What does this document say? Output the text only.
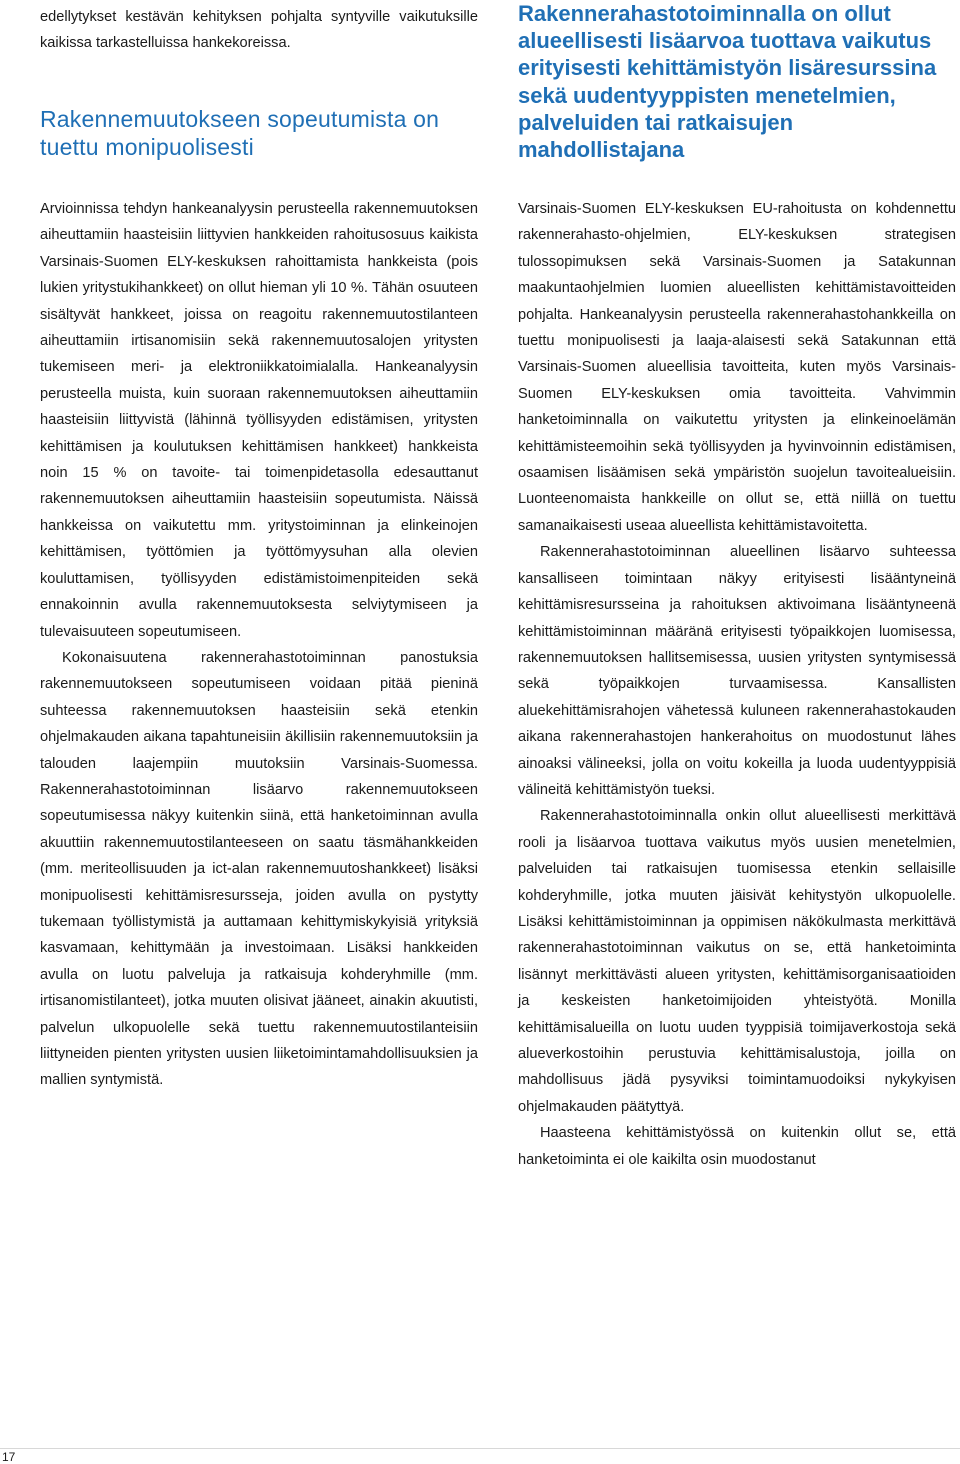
edellytykset kestävän kehityksen pohjalta syntyville vaikutuksille kaikissa tarkastelluissa hankekoreissa.

Rakennemuutokseen sopeutumista on tuettu monipuolisesti

Arvioinnissa tehdyn hankeanalyysin perusteella rakennemuutoksen aiheuttamiin haasteisiin liittyvien hankkeiden rahoitusosuus kaikista Varsinais-Suomen ELY-keskuksen rahoittamista hankkeista (pois lukien yritystukihankkeet) on ollut hieman yli 10 %. Tähän osuuteen sisältyvät hankkeet, joissa on reagoitu rakennemuutostilanteen aiheuttamiin irtisanomisiin sekä rakennemuutosalojen yritysten tukemiseen meri- ja elektroniikkatoimialalla. Hankeanalyysin perusteella muista, kuin suoraan rakennemuutoksen aiheuttamiin haasteisiin liittyvistä (lähinnä työllisyyden edistämisen, yritysten kehittämisen ja koulutuksen kehittämisen hankkeet) hankkeista noin 15 % on tavoite- tai toimenpidetasolla edesauttanut rakennemuutoksen aiheuttamiin haasteisiin sopeutumista. Näissä hankkeissa on vaikutettu mm. yritystoiminnan ja elinkeinojen kehittämisen, työttömien ja työttömyysuhan alla olevien kouluttamisen, työllisyyden edistämistoimenpiteiden sekä ennakoinnin avulla rakennemuutoksesta selviytymiseen ja tulevaisuuteen sopeutumiseen.

Kokonaisuutena rakennerahastotoiminnan panostuksia rakennemuutokseen sopeutumiseen voidaan pitää pieninä suhteessa rakennemuutoksen haasteisiin sekä etenkin ohjelmakauden aikana tapahtuneisiin äkillisiin rakennemuutoksiin ja talouden laajempiin muutoksiin Varsinais-Suomessa. Rakennerahastotoiminnan lisäarvo rakennemuutokseen sopeutumisessa näkyy kuitenkin siinä, että hanketoiminnan avulla akuuttiin rakennemuutostilanteeseen on saatu täsmähankkeiden (mm. meriteollisuuden ja ict-alan rakennemuutoshankkeet) lisäksi monipuolisesti kehittämisresursseja, joiden avulla on pystytty tukemaan työllistymistä ja auttamaan kehittymiskykyisiä yrityksiä kasvamaan, kehittymään ja investoimaan. Lisäksi hankkeiden avulla on luotu palveluja ja ratkaisuja kohderyhmille (mm. irtisanomistilanteet), jotka muuten olisivat jääneet, ainakin akuutisti, palvelun ulkopuolelle sekä tuettu rakennemuutostilanteisiin liittyneiden pienten yritysten uusien liiketoimintamahdollisuuksien ja mallien syntymistä.

Rakennerahastotoiminnalla on ollut alueellisesti lisäarvoa tuottava vaikutus erityisesti kehittämistyön lisäresurssina sekä uudentyyppisten menetelmien, palveluiden tai ratkaisujen mahdollistajana

Varsinais-Suomen ELY-keskuksen EU-rahoitusta on kohdennettu rakennerahasto-ohjelmien, ELY-keskuksen strategisen tulossopimuksen sekä Varsinais-Suomen ja Satakunnan maakuntaohjelmien luomien alueellisten kehittämistavoitteiden pohjalta. Hankeanalyysin perusteella rakennerahastohankkeilla on tuettu monipuolisesti ja laaja-alaisesti sekä Satakunnan että Varsinais-Suomen alueellisia tavoitteita, kuten myös Varsinais-Suomen ELY-keskuksen omia tavoitteita. Vahvimmin hanketoiminnalla on vaikutettu yritysten ja elinkeinoelämän kehittämisteemoihin sekä työllisyyden ja hyvinvoinnin edistämisen, osaamisen lisäämisen sekä ympäristön suojelun tavoitealueisiin. Luonteenomaista hankkeille on ollut se, että niillä on tuettu samanaikaisesti useaa alueellista kehittämistavoitetta.

Rakennerahastotoiminnan alueellinen lisäarvo suhteessa kansalliseen toimintaan näkyy erityisesti lisääntyneinä kehittämisresursseina ja rahoituksen aktivoimana lisääntyneenä kehittämistoiminnan määränä erityisesti työpaikkojen luomisessa, rakennemuutoksen hallitsemisessa, uusien yritysten syntymisessä sekä työpaikkojen turvaamisessa. Kansallisten aluekehittämisrahojen vähetessä kuluneen rakennerahastokauden aikana rakennerahastojen hankerahoitus on muodostunut lähes ainoaksi välineeksi, jolla on voitu kokeilla ja luoda uudentyyppisiä välineitä kehittämistyön tueksi.

Rakennerahastotoiminnalla onkin ollut alueellisesti merkittävä rooli ja lisäarvoa tuottava vaikutus myös uusien menetelmien, palveluiden tai ratkaisujen tuomisessa etenkin sellaisille kohderyhmille, jotka muuten jäisivät kehitystyön ulkopuolelle. Lisäksi kehittämistoiminnan ja oppimisen näkökulmasta merkittävä rakennerahastotoiminnan vaikutus on se, että hanketoiminta lisännyt merkittävästi alueen yritysten, kehittämisorganisaatioiden ja keskeisten hanketoimijoiden yhteistyötä. Monilla kehittämisalueilla on luotu uuden tyyppisiä toimijaverkostoja sekä alueverkostoihin perustuvia kehittämisalustoja, joilla on mahdollisuus jädä pysyviksi toimintamuodoiksi nykykyisen ohjelmakauden päätyttyä.

Haasteena kehittämistyössä on kuitenkin ollut se, että hanketoiminta ei ole kaikilta osin muodostanut

17
